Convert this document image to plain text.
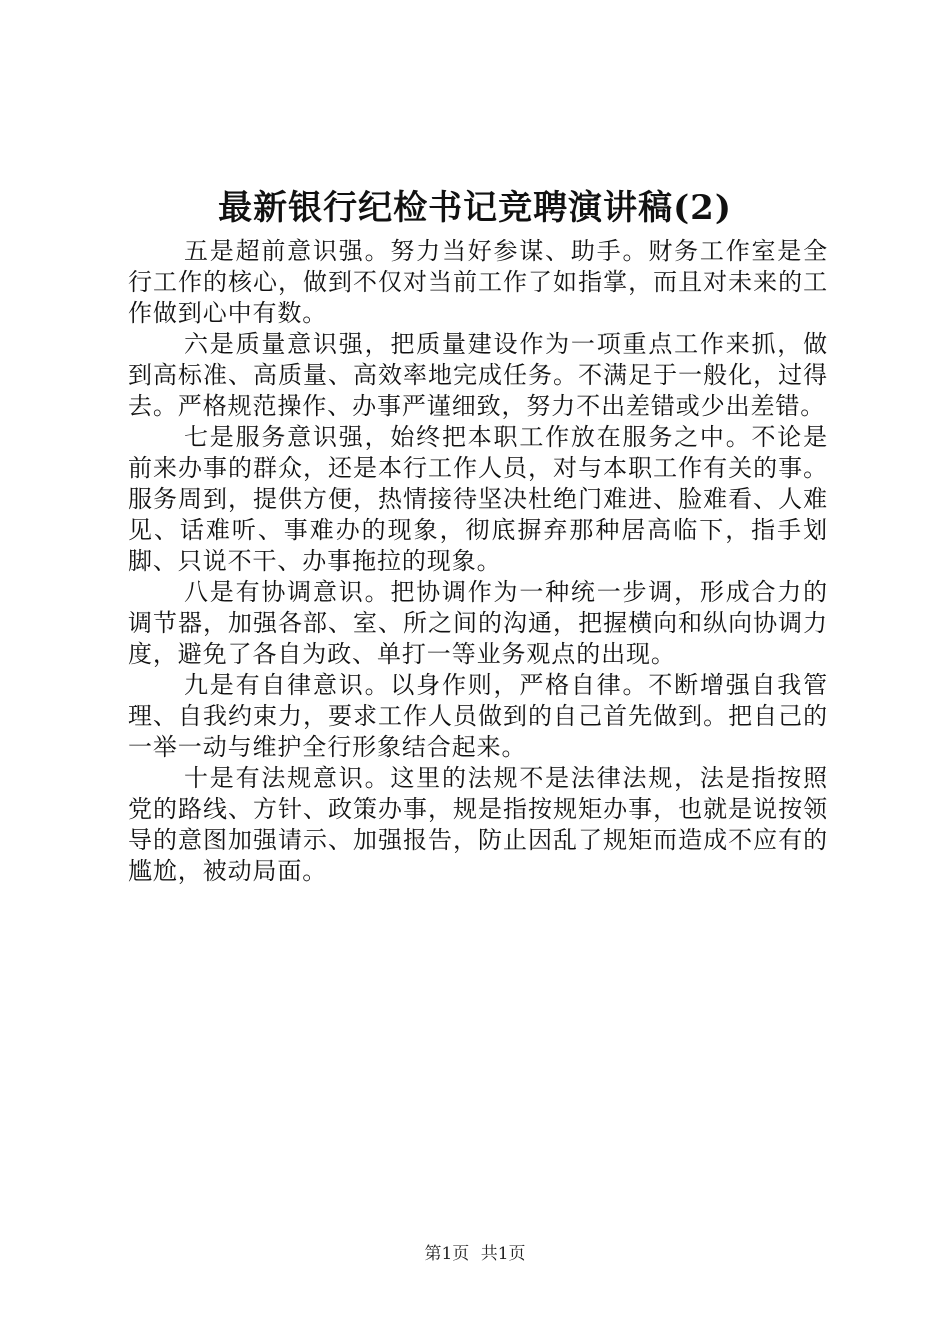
最新银行纪检书记竞聘演讲稿(2)

五是超前意识强。努力当好参谋、助手。财务工作室是全行工作的核心，做到不仅对当前工作了如指掌，而且对未来的工作做到心中有数。

六是质量意识强，把质量建设作为一项重点工作来抓，做到高标准、高质量、高效率地完成任务。不满足于一般化，过得去。严格规范操作、办事严谨细致，努力不出差错或少出差错。

七是服务意识强，始终把本职工作放在服务之中。不论是前来办事的群众，还是本行工作人员，对与本职工作有关的事。服务周到，提供方便，热情接待坚决杜绝门难进、脸难看、人难见、话难听、事难办的现象，彻底摒弃那种居高临下，指手划脚、只说不干、办事拖拉的现象。

八是有协调意识。把协调作为一种统一步调，形成合力的调节器，加强各部、室、所之间的沟通，把握横向和纵向协调力度，避免了各自为政、单打一等业务观点的出现。

九是有自律意识。以身作则，严格自律。不断增强自我管理、自我约束力，要求工作人员做到的自己首先做到。把自己的一举一动与维护全行形象结合起来。

十是有法规意识。这里的法规不是法律法规，法是指按照党的路线、方针、政策办事，规是指按规矩办事，也就是说按领导的意图加强请示、加强报告，防止因乱了规矩而造成不应有的尴尬，被动局面。

第1页 共1页
